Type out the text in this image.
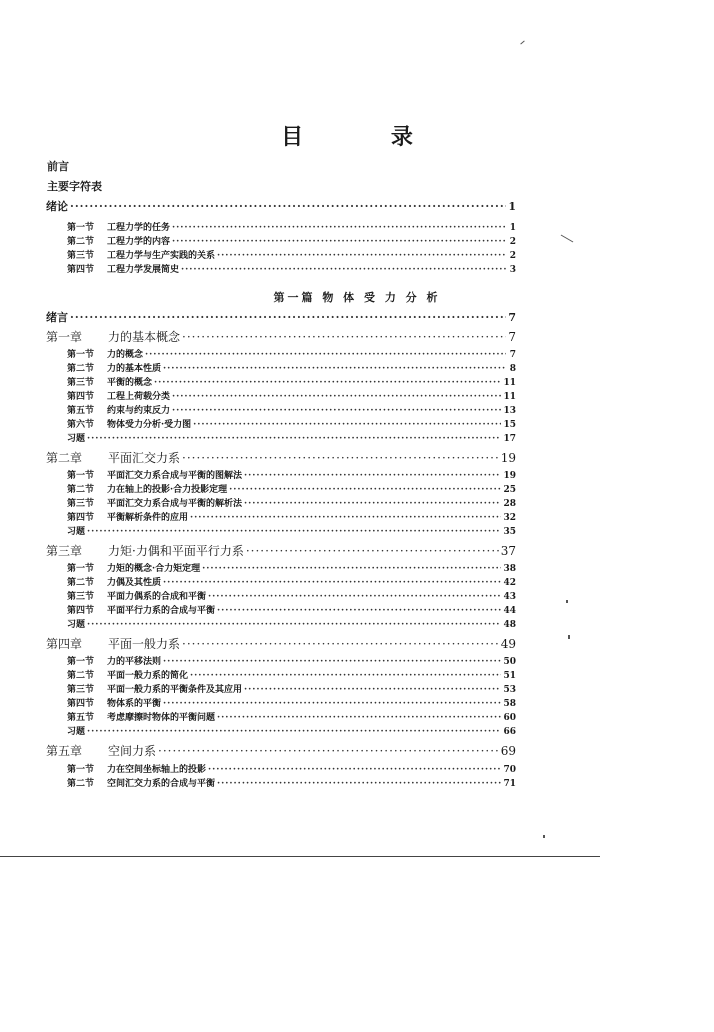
目 录
第一篇 物 体 受 力 分 析
前言
主要字符表
绪论 ·····	1
第一节	工程力学的任务 ·····	1
第二节	工程力学的内容 ·····	2
第三节	工程力学与生产实践的关系 ·····	2
第四节	工程力学发展简史 ·····	3
绪言 ·····	7
第一章	力的基本概念 ·····	7
第一节	力的概念 ·····	7
第二节	力的基本性质 ·····	8
第三节	平衡的概念 ·····	11
第四节	工程上荷载分类 ·····	11
第五节	约束与约束反力 ·····	13
第六节	物体受力分析·受力图 ·····	15
习题 ·····	17
第二章	平面汇交力系 ·····	19
第一节	平面汇交力系合成与平衡的图解法 ·····	19
第二节	力在轴上的投影·合力投影定理 ·····	25
第三节	平面汇交力系合成与平衡的解析法 ·····	28
第四节	平衡解析条件的应用 ·····	32
习题 ·····	35
第三章	力矩·力偶和平面平行力系 ·····	37
第一节	力矩的概念·合力矩定理 ·····	38
第二节	力偶及其性质 ·····	42
第三节	平面力偶系的合成和平衡 ·····	43
第四节	平面平行力系的合成与平衡 ·····	44
习题 ·····	48
第四章	平面一般力系 ·····	49
第一节	力的平移法则 ·····	50
第二节	平面一般力系的简化 ·····	51
第三节	平面一般力系的平衡条件及其应用 ·····	53
第四节	物体系的平衡 ·····	58
第五节	考虑摩擦时物体的平衡问题 ·····	60
习题 ·····	66
第五章	空间力系 ·····	69
第一节	力在空间坐标轴上的投影 ·····	70
第二节	空间汇交力系的合成与平衡 ·····	71
